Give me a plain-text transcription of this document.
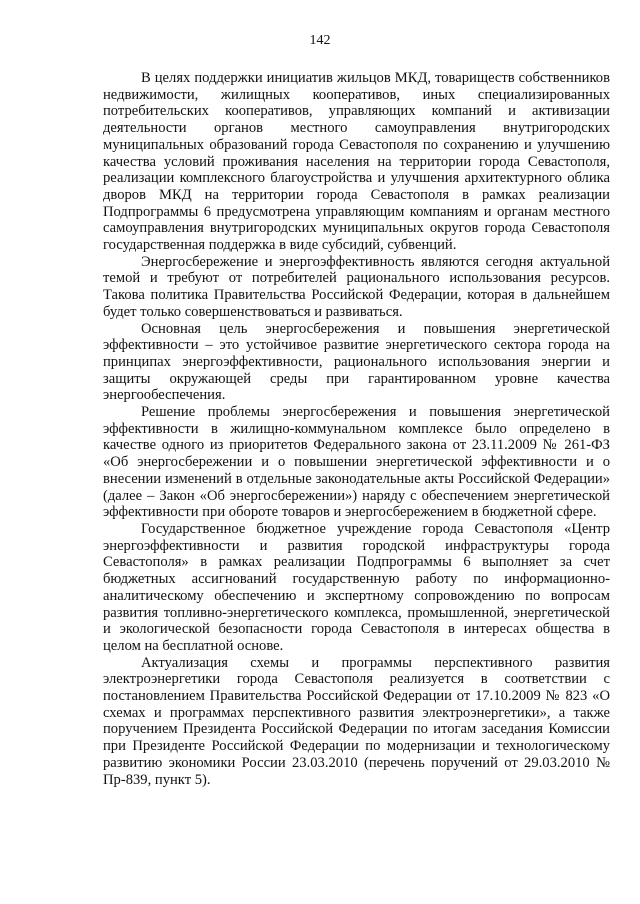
142

В целях поддержки инициатив жильцов МКД, товариществ собственников недвижимости, жилищных кооперативов, иных специализированных потребительских кооперативов, управляющих компаний и активизации деятельности органов местного самоуправления внутригородских муниципальных образований города Севастополя по сохранению и улучшению качества условий проживания населения на территории города Севастополя, реализации комплексного благоустройства и улучшения архитектурного облика дворов МКД на территории города Севастополя в рамках реализации Подпрограммы 6 предусмотрена управляющим компаниям и органам местного самоуправления внутригородских муниципальных округов города Севастополя государственная поддержка в виде субсидий, субвенций.

Энергосбережение и энергоэффективность являются сегодня актуальной темой и требуют от потребителей рационального использования ресурсов. Такова политика Правительства Российской Федерации, которая в дальнейшем будет только совершенствоваться и развиваться.

Основная цель энергосбережения и повышения энергетической эффективности – это устойчивое развитие энергетического сектора города на принципах энергоэффективности, рационального использования энергии и защиты окружающей среды при гарантированном уровне качества энергообеспечения.

Решение проблемы энергосбережения и повышения энергетической эффективности в жилищно-коммунальном комплексе было определено в качестве одного из приоритетов Федерального закона от 23.11.2009 № 261-ФЗ «Об энергосбережении и о повышении энергетической эффективности и о внесении изменений в отдельные законодательные акты Российской Федерации» (далее – Закон «Об энергосбережении») наряду с обеспечением энергетической эффективности при обороте товаров и энергосбережением в бюджетной сфере.

Государственное бюджетное учреждение города Севастополя «Центр энергоэффективности и развития городской инфраструктуры города Севастополя» в рамках реализации Подпрограммы 6 выполняет за счет бюджетных ассигнований государственную работу по информационно-аналитическому обеспечению и экспертному сопровождению по вопросам развития топливно-энергетического комплекса, промышленной, энергетической и экологической безопасности города Севастополя в интересах общества в целом на бесплатной основе.

Актуализация схемы и программы перспективного развития электроэнергетики города Севастополя реализуется в соответствии с постановлением Правительства Российской Федерации от 17.10.2009 № 823 «О схемах и программах перспективного развития электроэнергетики», а также поручением Президента Российской Федерации по итогам заседания Комиссии при Президенте Российской Федерации по модернизации и технологическому развитию экономики России 23.03.2010 (перечень поручений от 29.03.2010 № Пр-839, пункт 5).
